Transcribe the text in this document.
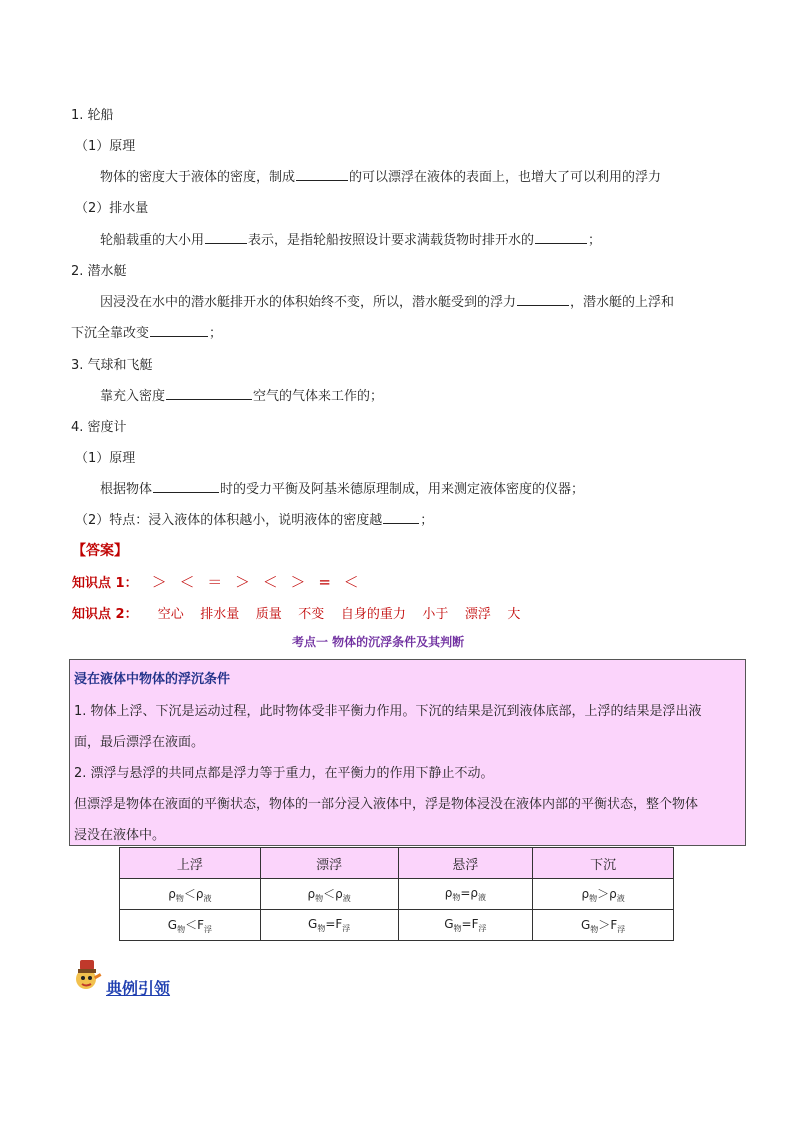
1. 轮船
（1）原理
物体的密度大于液体的密度，制成	的可以漂浮在液体的表面上，也增大了可以利用的浮力
（2）排水量
轮船载重的大小用	表示，是指轮船按照设计要求满载货物时排开水的	；
2. 潜水艇
因浸没在水中的潜水艇排开水的体积始终不变，所以，潜水艇受到的浮力	，潜水艇的上浮和
下沉全靠改变	；
3. 气球和飞艇
靠充入密度	空气的气体来工作的；
4. 密度计
（1）原理
根据物体	时的受力平衡及阿基米德原理制成，用来测定液体密度的仪器；
（2）特点：浸入液体的体积越小，说明液体的密度越	；
【答案】
知识点 1： ＞ ＜ ＝ ＞ ＜ ＞ = ＜
知识点 2： 空心    排水量    质量    不变    自身的重力    小于    漂浮    大
考点一 物体的沉浮条件及其判断
浸在液体中物体的浮沉条件
1. 物体上浮、下沉是运动过程，此时物体受非平衡力作用。下沉的结果是沉到液体底部，上浮的结果是浮出液
面，最后漂浮在液面。
2. 漂浮与悬浮的共同点都是浮力等于重力，在平衡力的作用下静止不动。
但漂浮是物体在液面的平衡状态，物体的一部分浸入液体中，浮是物体浸没在液体内部的平衡状态，整个物体
浸没在液体中。
上浮	漂浮	悬浮	下沉
$\rho_物<\rho_液$	$\rho_物<\rho_液$	$\rho_物=\rho_液$	$\rho_物>\rho_液$
$G_物<F_浮$	$G_物=F_浮$	$G_物=F_浮$	$G_物>F_浮$
典例引领
